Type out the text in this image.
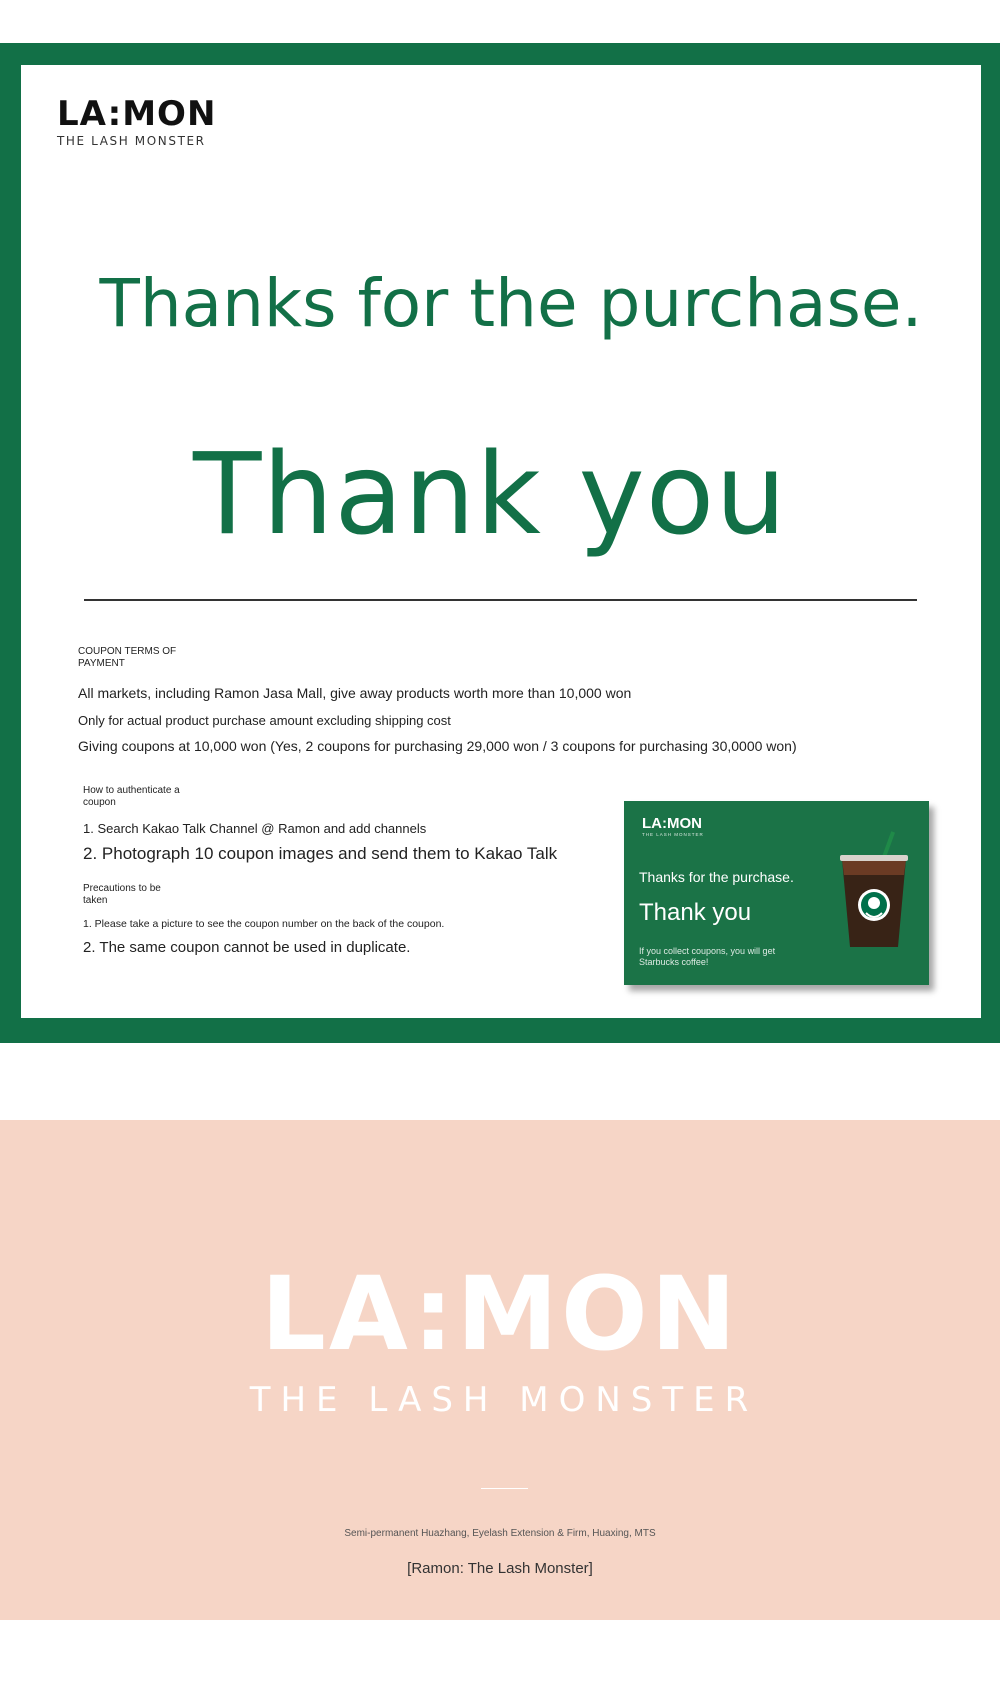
LA:MON
THE LASH MONSTER
Thanks for the purchase.
Thank you
COUPON TERMS OF PAYMENT
All markets, including Ramon Jasa Mall, give away products worth more than 10,000 won
Only for actual product purchase amount excluding shipping cost
Giving coupons at 10,000 won (Yes, 2 coupons for purchasing 29,000 won / 3 coupons for purchasing 30,0000 won)
How to authenticate a coupon
1. Search Kakao Talk Channel @ Ramon and add channels
2. Photograph 10 coupon images and send them to Kakao Talk
Precautions to be taken
1. Please take a picture to see the coupon number on the back of the coupon.
2. The same coupon cannot be used in duplicate.
LA:MON
THE LASH MONSTER
Thanks for the purchase.
Thank you
If you collect coupons, you will get Starbucks coffee!
LA:MON
THE LASH MONSTER
Semi-permanent Huazhang, Eyelash Extension & Firm, Huaxing, MTS
[Ramon: The Lash Monster]
